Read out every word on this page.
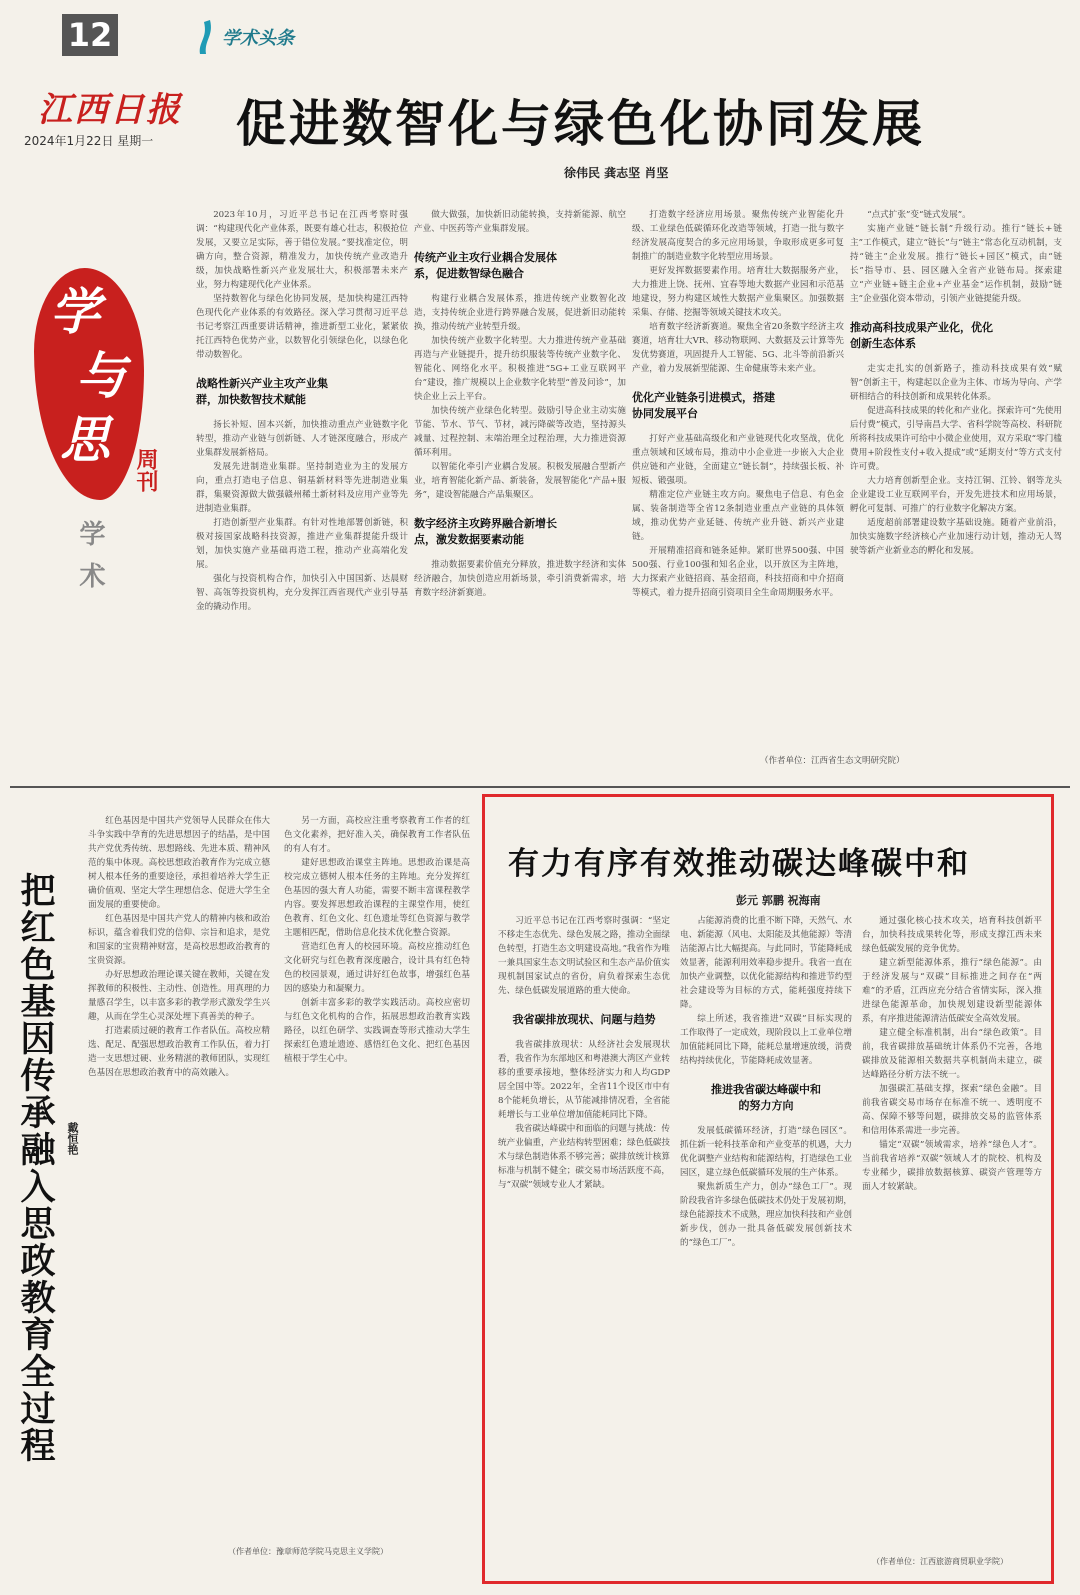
12	学术头条
江西日报
2024年1月22日 星期一 促进数智化与绿色化协同发展
徐伟民 龚志坚 肖坚
学
与
思
周刊
学术

2023年10月，习近平总书记在江西考察时强调：“构建现代化产业体系，既要有雄心壮志，积极抢位发展，又要立足实际，善于错位发展。”要找准定位，明确方向，整合资源，精准发力，加快传统产业改造升级，加快战略性新兴产业发展壮大，积极部署未来产业，努力构建现代化产业体系。

坚持数智化与绿色化协同发展，是加快构建江西特色现代化产业体系的有效路径。深入学习贯彻习近平总书记考察江西重要讲话精神，推进新型工业化，紧紧依托江西特色优势产业，以数智化引领绿色化，以绿色化带动数智化。

战略性新兴产业主攻产业集
群，加快数智技术赋能

扬长补短、固本兴新，加快推动重点产业链数字化转型，推动产业链与创新链、人才链深度融合，形成产业集群发展新格局。

发展先进制造业集群。坚持制造业为主的发展方向，重点打造电子信息、铜基新材料等先进制造业集群，集聚资源做大做强赣州稀土新材料及应用产业等先进制造业集群。

打造创新型产业集群。有针对性地部署创新链，积极对接国家战略科技资源，推进产业集群提能升级计划，加快实施产业基础再造工程，推动产业高端化发展。

强化与投资机构合作，加快引入中国国新、达晨财智、高瓴等投资机构，充分发挥江西省现代产业引导基金的撬动作用。

做大做强，加快新旧动能转换，支持新能源、航空产业、中医药等产业集群发展。

传统产业主攻行业耦合发展体
系，促进数智绿色融合

构建行业耦合发展体系，推进传统产业数智化改造，支持传统企业进行跨界融合发展，促进新旧动能转换，推动传统产业转型升级。

加快传统产业数字化转型。大力推进传统产业基础再造与产业链提升，提升纺织服装等传统产业数字化、智能化、网络化水平。积极推进“5G+工业互联网平台”建设，推广规模以上企业数字化转型“普及问诊”，加快企业上云上平台。

加快传统产业绿色化转型。鼓励引导企业主动实施节能、节水、节气、节材，减污降碳等改造，坚持源头减量、过程控制、末端治理全过程治理，大力推进资源循环利用。

以智能化牵引产业耦合发展。积极发展融合型新产业，培育智能化新产品、新装备，发展智能化“产品+服务”，建设智能融合产品集聚区。

数字经济主攻跨界融合新增长
点，激发数据要素动能

推动数据要素价值充分释放，推进数字经济和实体经济融合，加快创造应用新场景，牵引消费新需求，培育数字经济新赛道。

打造数字经济应用场景。聚焦传统产业智能化升级、工业绿色低碳循环化改造等领域，打造一批与数字经济发展高度契合的多元应用场景，争取形成更多可复制推广的制造业数字化转型应用场景。

更好发挥数据要素作用。培育壮大数据服务产业，大力推进上饶、抚州、宜春等地大数据产业园和示范基地建设，努力构建区域性大数据产业集聚区。加强数据采集、存储、挖掘等领域关键技术攻关。

培育数字经济新赛道。聚焦全省20条数字经济主攻赛道，培育壮大VR、移动物联网、大数据及云计算等先发优势赛道，巩固提升人工智能、5G、北斗等前沿新兴产业，着力发展新型能源、生命健康等未来产业。

优化产业链条引进模式，搭建
协同发展平台

打好产业基础高级化和产业链现代化攻坚战，优化重点领域和区域布局，推动中小企业进一步嵌入大企业供应链和产业链，全面建立“链长制”，持续强长板、补短板、锻强项。

精准定位产业链主攻方向。聚焦电子信息、有色金属、装备制造等全省12条制造业重点产业链的具体领域，推动优势产业延链、传统产业升链、新兴产业建链。

开展精准招商和链条延伸。紧盯世界500强、中国500强、行业100强和知名企业，以开放区为主阵地，大力探索产业链招商、基金招商，科技招商和中介招商等模式，着力提升招商引资项目全生命周期服务水平。

“点式扩张”变“链式发展”。

实施产业链“链长制”升级行动。推行“链长+链主”工作模式，建立“链长”与“链主”常态化互动机制，支持“链主”企业发展。推行“链长+园区”模式，由“链长”指导市、县、园区融入全省产业链布局。探索建立“产业链+链主企业+产业基金”运作机制，鼓励“链主”企业强化资本带动，引领产业链提能升级。

推动高科技成果产业化，优化
创新生态体系

走实走扎实的创新路子，推动科技成果有效“赋智”创新主干，构建起以企业为主体、市场为导向、产学研相结合的科技创新和成果转化体系。

促进高科技成果的转化和产业化。探索许可“先使用后付费”模式，引导南昌大学、省科学院等高校、科研院所将科技成果许可给中小微企业使用，双方采取“零门槛费用+阶段性支付+收入提成”或“延期支付”等方式支付许可费。

大力培育创新型企业。支持江铜、江铃、钢等龙头企业建设工业互联网平台，开发先进技术和应用场景，孵化可复制、可推广的行业数字化解决方案。

适度超前部署建设数字基础设施。随着产业前沿，加快实施数字经济核心产业加速行动计划，推动无人驾驶等新产业新业态的孵化和发展。

（作者单位：江西省生态文明研究院）
把红色基因传承融入思政教育全过程 戴恒艳

红色基因是中国共产党领导人民群众在伟大斗争实践中孕育的先进思想因子的结晶，是中国共产党优秀传统、思想路线、先进本质、精神风范的集中体现。高校思想政治教育作为完成立德树人根本任务的重要途径，承担着培养大学生正确价值观、坚定大学生理想信念、促进大学生全面发展的重要使命。

红色基因是中国共产党人的精神内核和政治标识，蕴含着我们党的信仰、宗旨和追求，是党和国家的宝贵精神财富，是高校思想政治教育的宝贵资源。

办好思想政治理论课关键在教师，关键在发挥教师的积极性、主动性、创造性。用真理的力量感召学生，以丰富多彩的教学形式激发学生兴趣，从而在学生心灵深处埋下真善美的种子。

打造素质过硬的教育工作者队伍。高校应精选、配足、配强思想政治教育工作队伍，着力打造一支思想过硬、业务精湛的教师团队，实现红色基因在思想政治教育中的高效融入。

另一方面，高校应注重考察教育工作者的红色文化素养，把好准入关，确保教育工作者队伍的有人有才。

建好思想政治课堂主阵地。思想政治课是高校完成立德树人根本任务的主阵地。充分发挥红色基因的强大育人功能，需要不断丰富课程教学内容。要发挥思想政治课程的主课堂作用，使红色教育、红色文化、红色遗址等红色资源与教学主题相匹配，借助信息化技术优化整合资源。

营造红色育人的校园环境。高校应推动红色文化研究与红色教育深度融合，设计具有红色特色的校园景观，通过讲好红色故事，增强红色基因的感染力和凝聚力。

创新丰富多彩的教学实践活动。高校应密切与红色文化机构的合作，拓展思想政治教育实践路径，以红色研学、实践调查等形式推动大学生探索红色遗址遗迹、感悟红色文化、把红色基因植根于学生心中。

（作者单位：豫章师范学院马克思主义学院）
有力有序有效推动碳达峰碳中和
彭元 郭鹏 祝海南

习近平总书记在江西考察时强调：“坚定不移走生态优先、绿色发展之路，推动全面绿色转型，打造生态文明建设高地。”我省作为唯一兼具国家生态文明试验区和生态产品价值实现机制国家试点的省份，肩负着探索生态优先、绿色低碳发展道路的重大使命。

我省碳排放现状、问题与趋势

我省碳排放现状：从经济社会发展现状看，我省作为东部地区和粤港澳大湾区产业转移的重要承接地，整体经济实力和人均GDP居全国中等。2022年，全省11个设区市中有8个能耗负增长，从节能减排情况看，全省能耗增长与工业单位增加值能耗同比下降。

我省碳达峰碳中和面临的问题与挑战：传统产业偏重，产业结构转型困难；绿色低碳技术与绿色制造体系不够完善；碳排放统计核算标准与机制不健全；碳交易市场活跃度不高，与“双碳”领域专业人才紧缺。

占能源消费的比重不断下降，天然气、水电、新能源（风电、太阳能及其他能源）等清洁能源占比大幅提高。与此同时，节能降耗成效显著，能源利用效率稳步提升。我省一直在加快产业调整，以优化能源结构和推进节约型社会建设等为目标的方式，能耗强度持续下降。

综上所述，我省推进“双碳”目标实现的工作取得了一定成效，现阶段以上工业单位增加值能耗同比下降，能耗总量增速放缓，消费结构持续优化，节能降耗成效显著。

推进我省碳达峰碳中和
的努力方向

发展低碳循环经济，打造“绿色园区”。抓住新一轮科技革命和产业变革的机遇，大力优化调整产业结构和能源结构，打造绿色工业园区，建立绿色低碳循环发展的生产体系。

聚焦新质生产力，创办“绿色工厂”。现阶段我省许多绿色低碳技术仍处于发展初期，绿色能源技术不成熟，理应加快科技和产业创新步伐，创办一批具备低碳发展创新技术的“绿色工厂”。

通过强化核心技术攻关，培育科技创新平台，加快科技成果转化等，形成支撑江西未来绿色低碳发展的竞争优势。

建立新型能源体系，推行“绿色能源”。由于经济发展与“双碳”目标推进之间存在“两难”的矛盾，江西应充分结合省情实际，深入推进绿色能源革命，加快规划建设新型能源体系，有序推进能源清洁低碳安全高效发展。

建立健全标准机制，出台“绿色政策”。目前，我省碳排放基础统计体系仍不完善，各地碳排放及能源相关数据共享机制尚未建立，碳达峰路径分析方法不统一。

加强碳汇基础支撑，探索“绿色金融”。目前我省碳交易市场存在标准不统一、透明度不高、保障不够等问题，碳排放交易的监管体系和信用体系需进一步完善。

锚定“双碳”领域需求，培养“绿色人才”。当前我省培养“双碳”领域人才的院校、机构及专业稀少，碳排放数据核算、碳资产管理等方面人才较紧缺。

（作者单位：江西旅游商贸职业学院）
